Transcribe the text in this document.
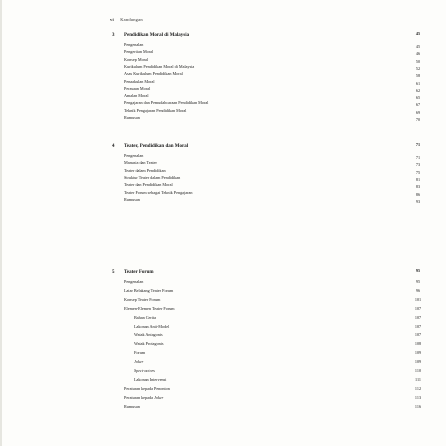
vi Kandungan
3 Pendidikan Moral di Malaysia	45
Pengenalan	45
Pengertian Moral	46
Konsep Moral	50
Kurikulum Pendidikan Moral di Malaysia	52
Asas Kurikulum Pendidikan Moral	58
Penaakulan Moral	61
Perasaan Moral	62
Amalan Moral	65
Pengajaran dan Pemudahcaraan Pendidikan Moral	67
Teknik Pengajaran Pendidikan Moral	69
Rumusan	70
4 Teater, Pendidikan dan Moral	71
Pengenalan	71
Manusia dan Teater	73
Teater dalam Pendidikan	75
Struktur Teater dalam Pendidikan	81
Teater dan Pendidikan Moral	83
Teater Forum sebagai Teknik Pengajaran	86
Rumusan	93
5 Teater Forum	95
Pengenalan	95
Latar Belakang Teater Forum	96
Konsep Teater Forum	101
Elemen-Elemen Teater Forum	107
Bahan Cerita	107
Lakonan Anti-Model	107
Watak Antagonis	107
Watak Protagonis	108
Forum	109
Joker	109
Spect-actors	110
Lakonan Intervensi	111
Peraturan kepada Penonton	112
Peraturan kepada Joker	113
Rumusan	116
